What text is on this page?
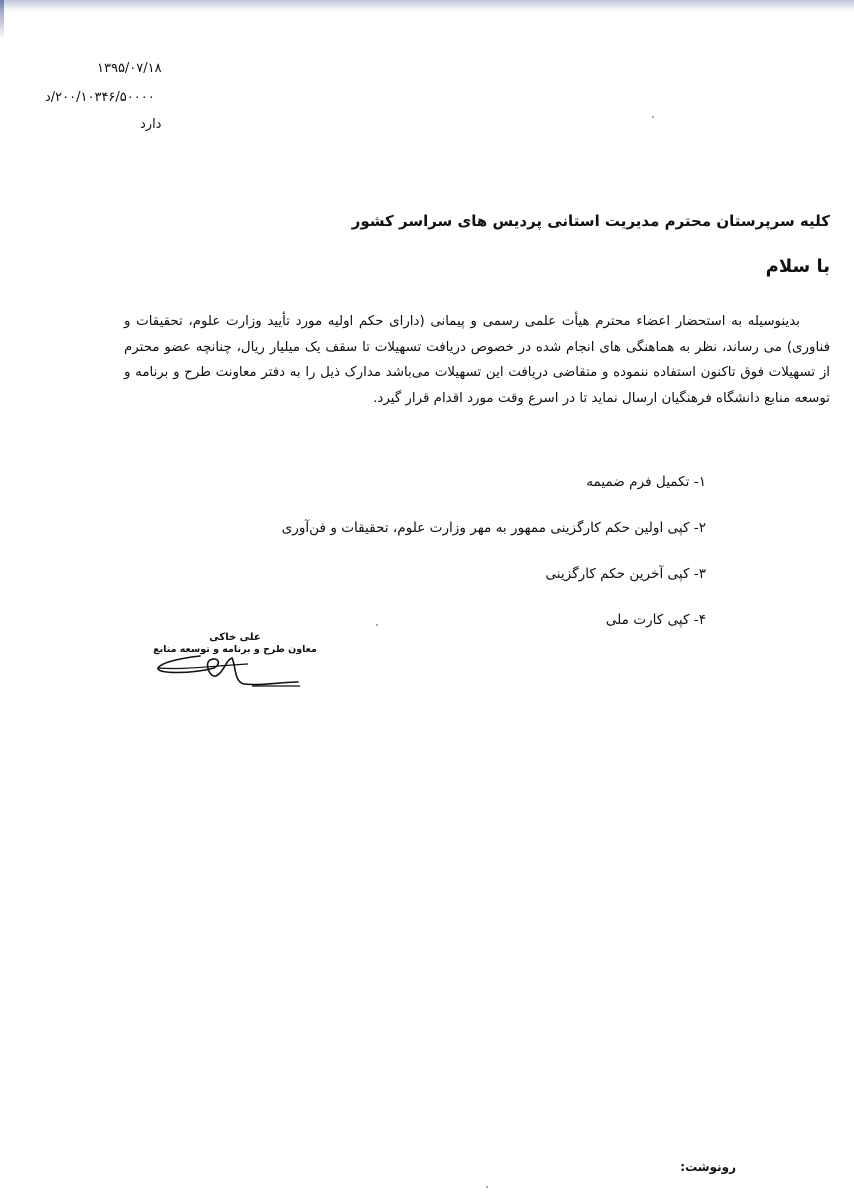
۱۳۹۵/۰۷/۱۸
۲۰۰/۱۰۳۴۶/۵۰۰۰۰/د
دارد
کلیه سرپرستان محترم مدیریت استانی پردیس های سراسر کشور
با سلام
بدینوسیله به استحضار اعضاء محترم هیأت علمی رسمی و پیمانی (دارای حکم اولیه مورد تأیید وزارت علوم، تحقیقات و فناوری) می رساند، نظر به هماهنگی های انجام شده در خصوص دریافت تسهیلات تا سقف یک میلیار ریال، چنانچه عضو محترم از تسهیلات فوق تاکنون استفاده ننموده و متقاضی دریافت این تسهیلات می‌باشد مدارک ذیل را به دفتر معاونت طرح و برنامه و توسعه منابع دانشگاه فرهنگیان ارسال نماید تا در اسرع وقت مورد اقدام قرار گیرد.
۱- تکمیل فرم ضمیمه
۲- کپی اولین حکم کارگزینی ممهور به مهر وزارت علوم، تحقیقات و فن‌آوری
۳- کپی آخرین حکم کارگزینی
۴- کپی کارت ملی
علی خاکی
معاون طرح و برنامه و توسعه منابع
رونوشت:
